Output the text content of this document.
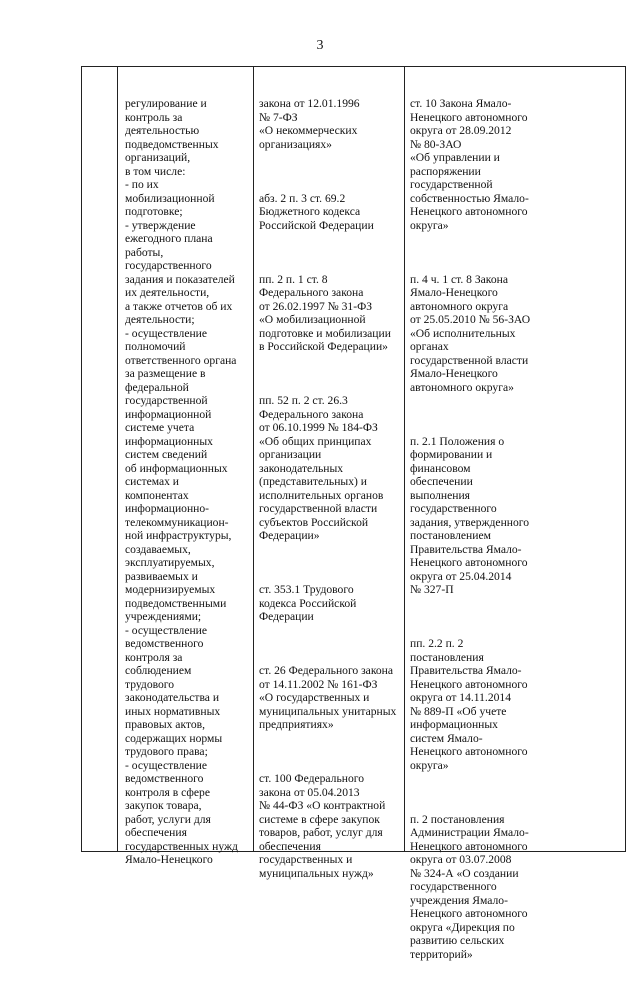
3

регулирование и
контроль за
деятельностью
подведомственных
организаций,
в том числе:
- по их
мобилизационной
подготовке;
- утверждение
ежегодного плана
работы,
государственного
задания и показателей
их деятельности,
а также отчетов об их
деятельности;
- осуществление
полномочий
ответственного органа
за размещение в
федеральной
государственной
информационной
системе учета
информационных
систем сведений
об информационных
системах и
компонентах
информационно-
телекоммуникацион-
ной инфраструктуры,
создаваемых,
эксплуатируемых,
развиваемых и
модернизируемых
подведомственными
учреждениями;
- осуществление
ведомственного
контроля за
соблюдением
трудового
законодательства и
иных нормативных
правовых актов,
содержащих нормы
трудового права;
- осуществление
ведомственного
контроля в сфере
закупок товара,
работ, услуги для
обеспечения
государственных нужд
Ямало-Ненецкого

закона от 12.01.1996
№ 7-ФЗ
«О некоммерческих
организациях»

абз. 2 п. 3 ст. 69.2
Бюджетного кодекса
Российской Федерации

пп. 2 п. 1 ст. 8
Федерального закона
от 26.02.1997 № 31-ФЗ
«О мобилизационной
подготовке и мобилизации
в Российской Федерации»

пп. 52 п. 2 ст. 26.3
Федерального закона
от 06.10.1999 № 184-ФЗ
«Об общих принципах
организации
законодательных
(представительных) и
исполнительных органов
государственной власти
субъектов Российской
Федерации»

ст. 353.1 Трудового
кодекса Российской
Федерации

ст. 26 Федерального закона
от 14.11.2002 № 161-ФЗ
«О государственных и
муниципальных унитарных
предприятиях»

ст. 100 Федерального
закона от 05.04.2013
№ 44-ФЗ «О контрактной
системе в сфере закупок
товаров, работ, услуг для
обеспечения
государственных и
муниципальных нужд»

ст. 10 Закона Ямало-
Ненецкого автономного
округа от 28.09.2012
№ 80-ЗАО
«Об управлении и
распоряжении
государственной
собственностью Ямало-
Ненецкого автономного
округа»

п. 4 ч. 1 ст. 8 Закона
Ямало-Ненецкого
автономного округа
от 25.05.2010 № 56-ЗАО
«Об исполнительных
органах
государственной власти
Ямало-Ненецкого
автономного округа»

п. 2.1 Положения о
формировании и
финансовом
обеспечении
выполнения
государственного
задания, утвержденного
постановлением
Правительства Ямало-
Ненецкого автономного
округа от 25.04.2014
№ 327-П

пп. 2.2 п. 2
постановления
Правительства Ямало-
Ненецкого автономного
округа от 14.11.2014
№ 889-П «Об учете
информационных
систем Ямало-
Ненецкого автономного
округа»

п. 2 постановления
Администрации Ямало-
Ненецкого автономного
округа от 03.07.2008
№ 324-А «О создании
государственного
учреждения Ямало-
Ненецкого автономного
округа «Дирекция по
развитию сельских
территорий»
